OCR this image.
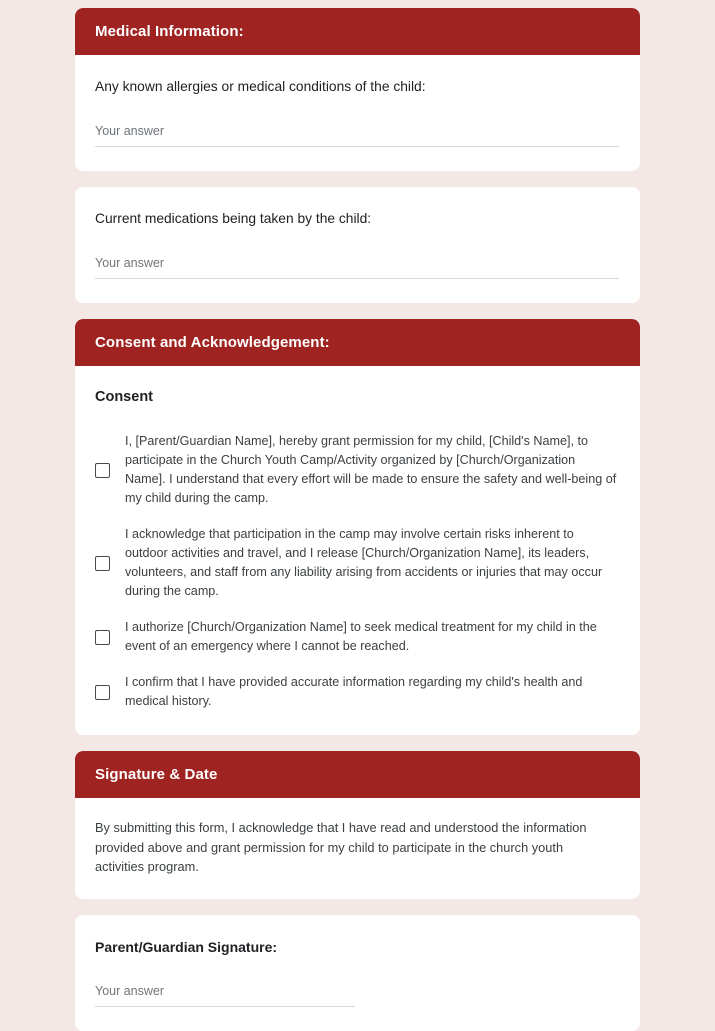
Medical Information:
Any known allergies or medical conditions of the child:
Your answer
Current medications being taken by the child:
Your answer
Consent and Acknowledgement:
Consent
I, [Parent/Guardian Name], hereby grant permission for my child, [Child's Name], to participate in the Church Youth Camp/Activity organized by [Church/Organization Name]. I understand that every effort will be made to ensure the safety and well-being of my child during the camp.
I acknowledge that participation in the camp may involve certain risks inherent to outdoor activities and travel, and I release [Church/Organization Name], its leaders, volunteers, and staff from any liability arising from accidents or injuries that may occur during the camp.
I authorize [Church/Organization Name] to seek medical treatment for my child in the event of an emergency where I cannot be reached.
I confirm that I have provided accurate information regarding my child's health and medical history.
Signature & Date
By submitting this form, I acknowledge that I have read and understood the information provided above and grant permission for my child to participate in the church youth activities program.
Parent/Guardian Signature:
Your answer
